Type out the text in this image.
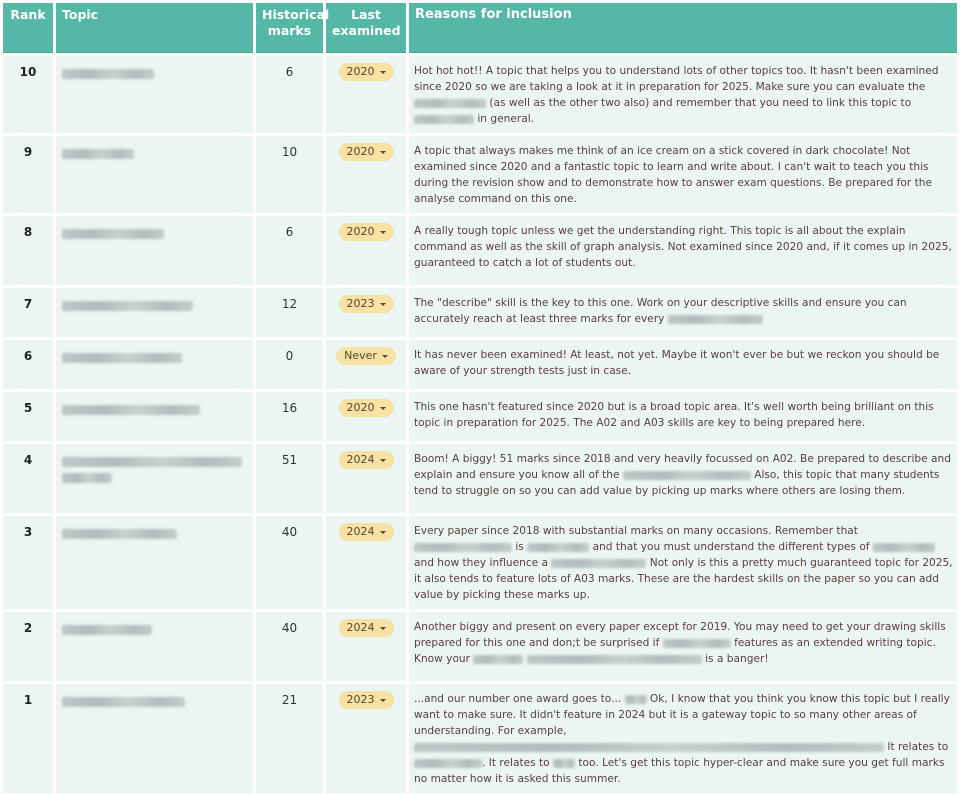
Rank	Topic	Historical marks	Last examined	Reasons for inclusion
10		6	2020	Hot hot hot!! A topic that helps you to understand lots of other topics too. It hasn't been examined since 2020 so we are taking a look at it in preparation for 2025. Make sure you can evaluate the  (as well as the other two also) and remember that you need to link this topic to  in general.
9		10	2020	A topic that always makes me think of an ice cream on a stick covered in dark chocolate! Not examined since 2020 and a fantastic topic to learn and write about. I can't wait to teach you this during the revision show and to demonstrate how to answer exam questions. Be prepared for the analyse command on this one.
8		6	2020	A really tough topic unless we get the understanding right. This topic is all about the explain command as well as the skill of graph analysis. Not examined since 2020 and, if it comes up in 2025, guaranteed to catch a lot of students out.
7		12	2023	The "describe" skill is the key to this one. Work on your descriptive skills and ensure you can accurately reach at least three marks for every
6		0	Never	It has never been examined! At least, not yet. Maybe it won't ever be but we reckon you should be aware of your strength tests just in case.
5		16	2020	This one hasn't featured since 2020 but is a broad topic area. It's well worth being brilliant on this topic in preparation for 2025. The A02 and A03 skills are key to being prepared here.
4		51	2024	Boom! A biggy! 51 marks since 2018 and very heavily focussed on A02. Be prepared to describe and explain and ensure you know all of the Also, this topic that many students tend to struggle on so you can add value by picking up marks where others are losing them.
3		40	2024	Every paper since 2018 with substantial marks on many occasions. Remember that  is and that you must understand the different types of  and how they influence a Not only is this a pretty much guaranteed topic for 2025, it also tends to feature lots of A03 marks. These are the hardest skills on the paper so you can add value by picking these marks up.
2		40	2024	Another biggy and present on every paper except for 2019. You may need to get your drawing skills prepared for this one and don;t be surprised if features as an extended writing topic. Know your is a banger!
1		21	2023	...and our number one award goes to...  Ok, I know that you think you know this topic but I really want to make sure. It didn't feature in 2024 but it is a gateway topic to so many other areas of understanding. For example,  It relates to . It relates to  too. Let's get this topic hyper-clear and make sure you get full marks no matter how it is asked this summer.
